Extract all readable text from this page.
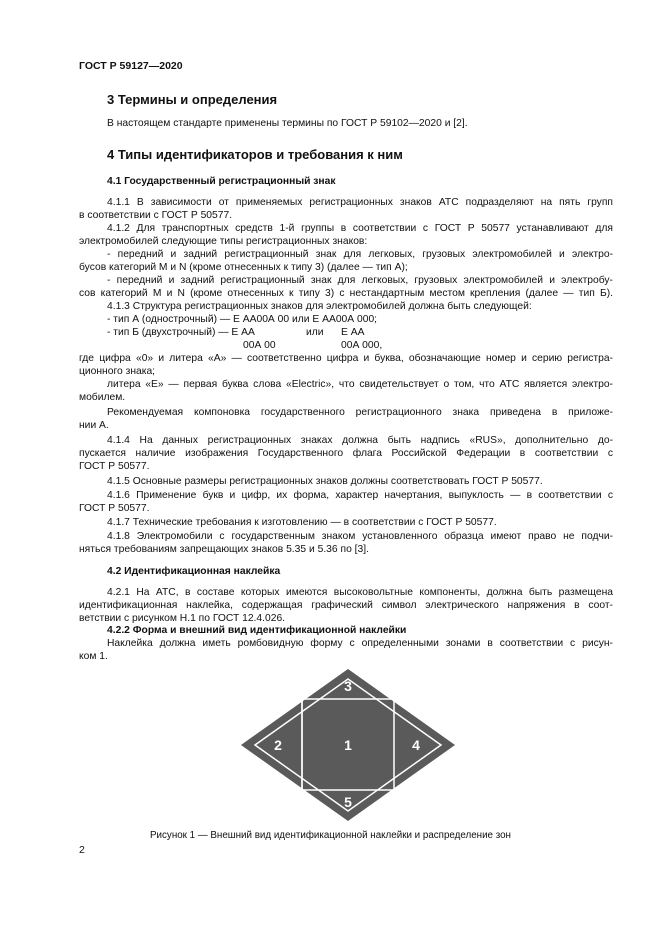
ГОСТ Р 59127—2020
3 Термины и определения
В настоящем стандарте применены термины по ГОСТ Р 59102—2020 и [2].
4 Типы идентификаторов и требования к ним
4.1 Государственный регистрационный знак
4.1.1 В зависимости от применяемых регистрационных знаков АТС подразделяют на пять групп
в соответствии с ГОСТ Р 50577.
4.1.2 Для транспортных средств 1-й группы в соответствии с ГОСТ Р 50577 устанавливают для
электромобилей следующие типы регистрационных знаков:
- передний и задний регистрационный знак для легковых, грузовых электромобилей и электро-
бусов категорий M и N (кроме отнесенных к типу 3) (далее — тип А);
- передний и задний регистрационный знак для легковых, грузовых электромобилей и электробу-
сов категорий M и N (кроме отнесенных к типу 3) с нестандартным местом крепления (далее — тип Б).
4.1.3 Структура регистрационных знаков для электромобилей должна быть следующей:
- тип А (однострочный) — Е АА00А 00 или Е АА00А 000;
- тип Б (двухстрочный) — Е АА	или Е АА
00А 00	00А 000,
где цифра «0» и литера «А» — соответственно цифра и буква, обозначающие номер и серию регистра-
ционного знака;
литера «Е» — первая буква слова «Electric», что свидетельствует о том, что АТС является электро-
мобилем.
Рекомендуемая компоновка государственного регистрационного знака приведена в приложе-
нии А.
4.1.4 На данных регистрационных знаках должна быть надпись «RUS», дополнительно до-
пускается наличие изображения Государственного флага Российской Федерации в соответствии с
ГОСТ Р 50577.
4.1.5 Основные размеры регистрационных знаков должны соответствовать ГОСТ Р 50577.
4.1.6 Применение букв и цифр, их форма, характер начертания, выпуклость — в соответствии с
ГОСТ Р 50577.
4.1.7 Технические требования к изготовлению — в соответствии с ГОСТ Р 50577.
4.1.8 Электромобили с государственным знаком установленного образца имеют право не подчи-
няться требованиям запрещающих знаков 5.35 и 5.36 по [3].
4.2 Идентификационная наклейка
4.2.1 На АТС, в составе которых имеются высоковольтные компоненты, должна быть размещена
идентификационная наклейка, содержащая графический символ электрического напряжения в соот-
ветствии с рисунком Н.1 по ГОСТ 12.4.026.
4.2.2 Форма и внешний вид идентификационной наклейки
Наклейка должна иметь ромбовидную форму с определенными зонами в соответствии с рисун-
ком 1.
3
2	1	4
5
Рисунок 1 — Внешний вид идентификационной наклейки и распределение зон
2
